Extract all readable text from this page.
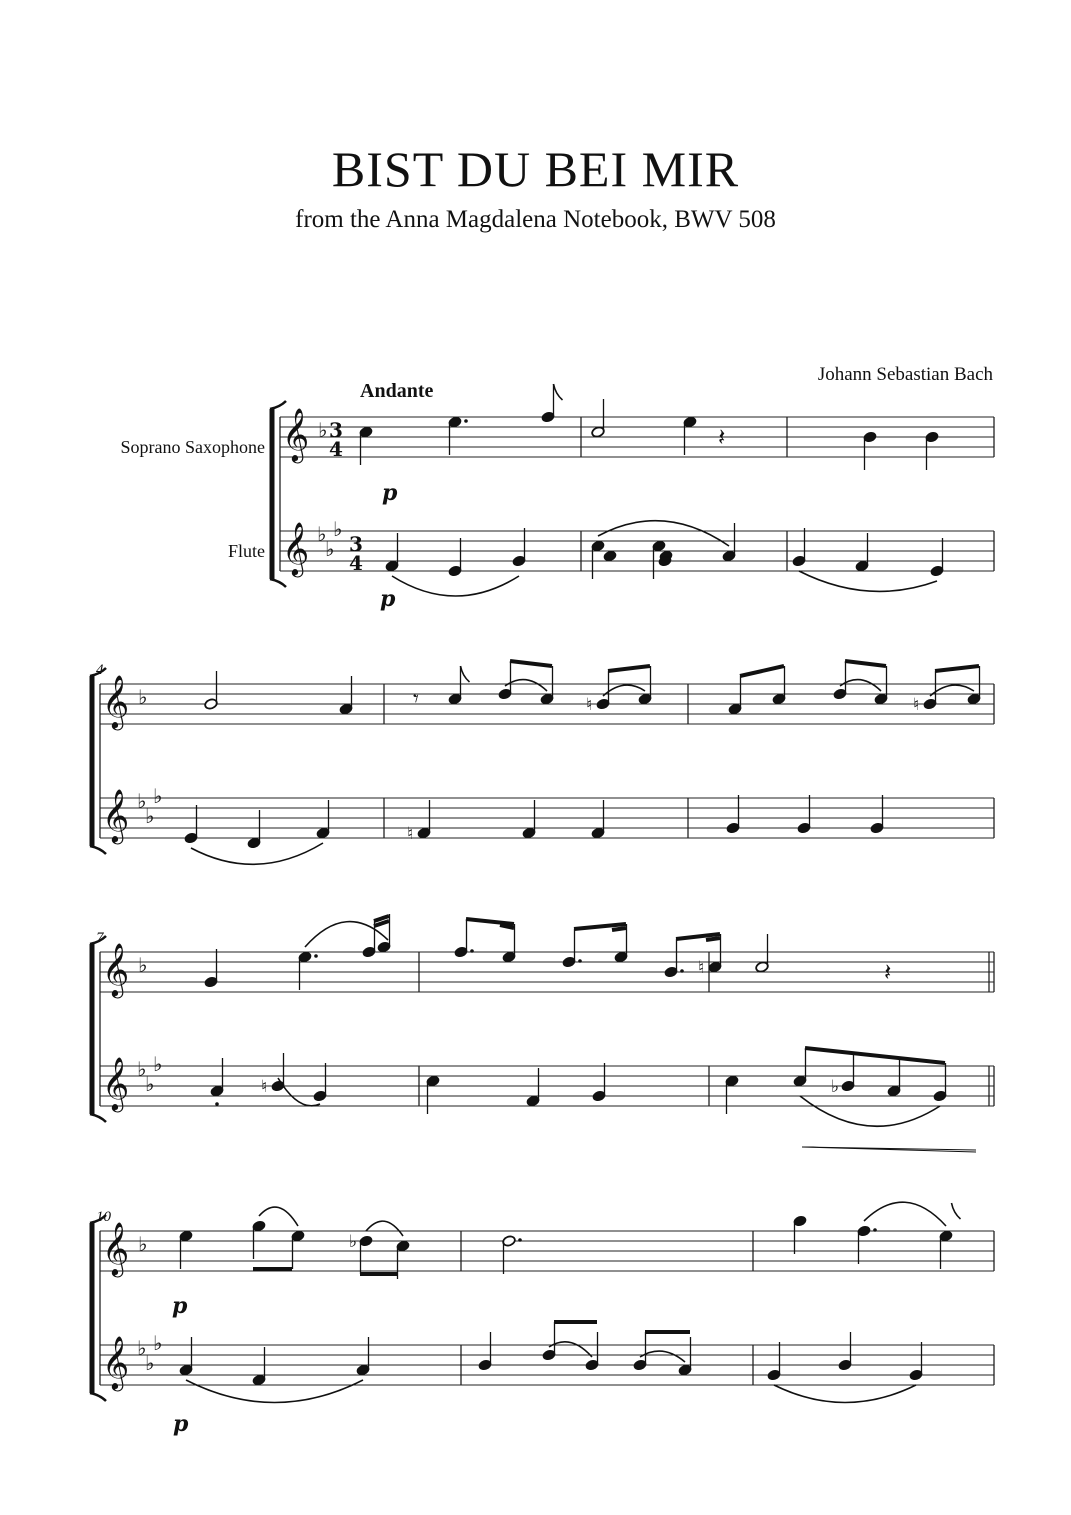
BIST DU BEI MIR
from the Anna Magdalena Notebook, BWV 508
Johann Sebastian Bach
Andante
Soprano Saxophone
Flute
4
7
10
𝄞 ♭ 3
4
𝄞 ♭
♭
♭
3
4
𝄞 ♭
𝄞 ♭
♭
♭
𝄞 ♭
𝄞 ♭
♭
♭
𝄞 ♭
𝄞 ♭
♭
♭
p
𝄽
p
𝄾	♮	♮
♮
♮	𝄽
♮	♭
p
♭
p
